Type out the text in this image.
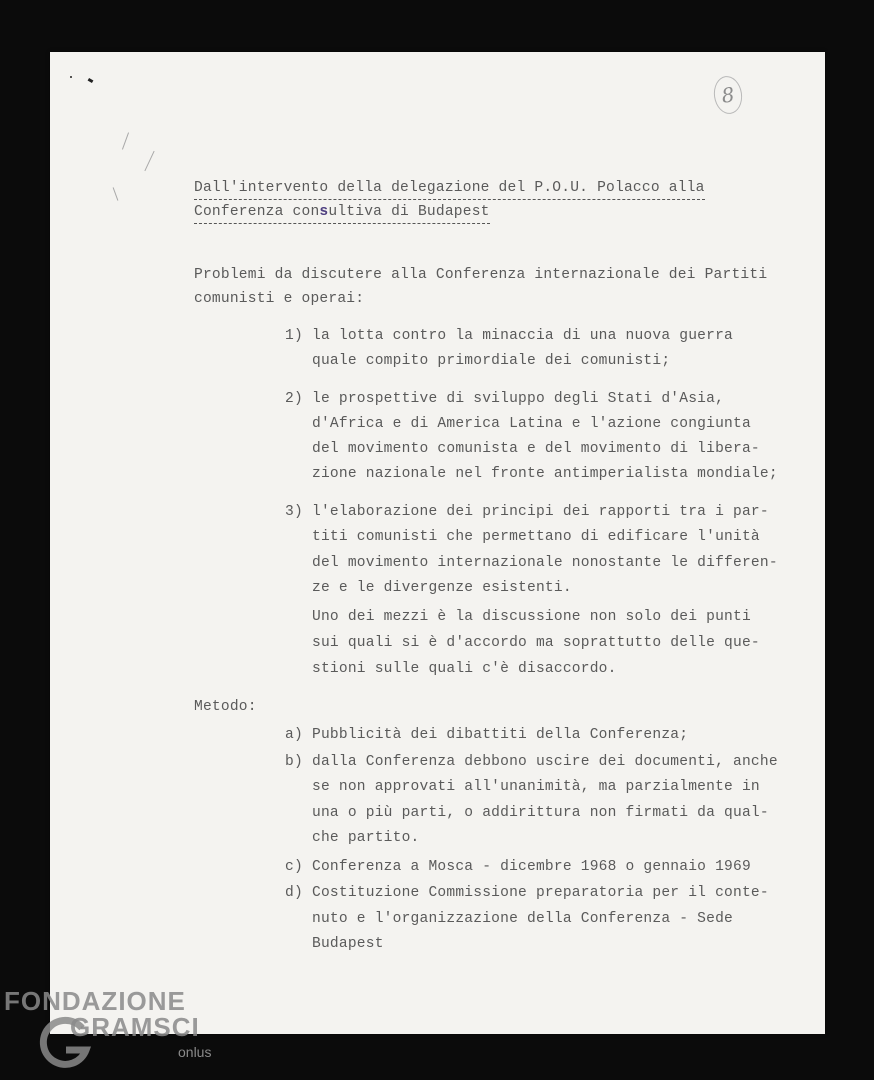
8
Dall'intervento della delegazione del P.O.U. Polacco alla
Conferenza consultiva di Budapest
Problemi da discutere alla Conferenza internazionale dei Partiti
comunisti e operai:
1) la lotta contro la minaccia di una nuova guerra
quale compito primordiale dei comunisti;
2) le prospettive di sviluppo degli Stati d'Asia,
d'Africa e di America Latina e l'azione congiunta
del movimento comunista e del movimento di libera-
zione nazionale nel fronte antimperialista mondiale;
3) l'elaborazione dei principi dei rapporti tra i par-
titi comunisti che permettano di edificare l'unità
del movimento internazionale nonostante le differen-
ze e le divergenze esistenti.
Uno dei mezzi è la discussione non solo dei punti
sui quali si è d'accordo ma soprattutto delle que-
stioni sulle quali c'è disaccordo.
Metodo:
a) Pubblicità dei dibattiti della Conferenza;
b) dalla Conferenza debbono uscire dei documenti, anche
se non approvati all'unanimità, ma parzialmente in
una o più parti, o addirittura non firmati da qual-
che partito.
c) Conferenza a Mosca - dicembre 1968 o gennaio 1969
d) Costituzione Commissione preparatoria per il conte-
nuto e l'organizzazione della Conferenza - Sede
Budapest
FONDAZIONE
GRAMSCI
onlus
